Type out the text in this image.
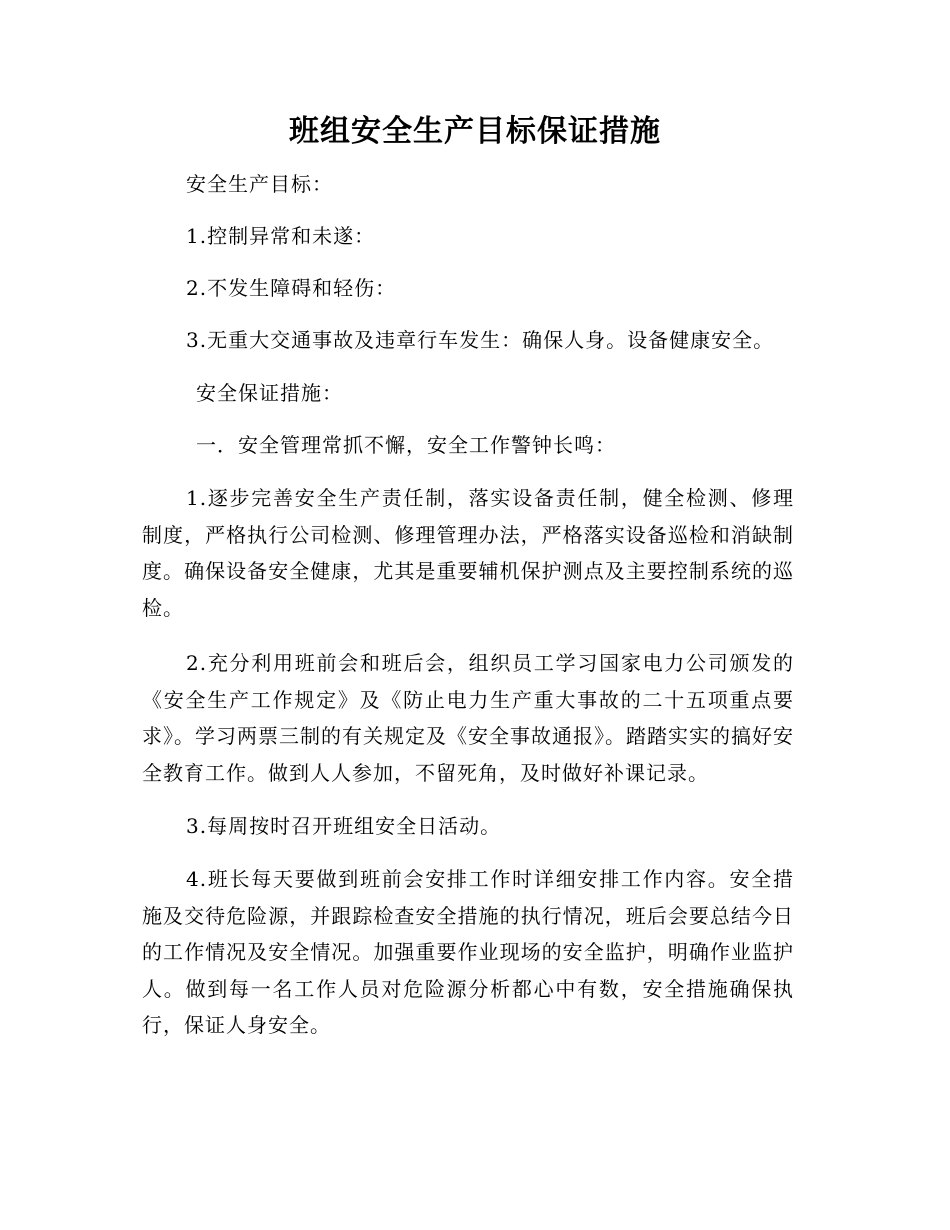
班组安全生产目标保证措施
安全生产目标：
1.控制异常和未遂：
2.不发生障碍和轻伤：
3.无重大交通事故及违章行车发生：确保人身。设备健康安全。
安全保证措施：
一．安全管理常抓不懈，安全工作警钟长鸣：
1.逐步完善安全生产责任制，落实设备责任制，健全检测、修理制度，严格执行公司检测、修理管理办法，严格落实设备巡检和消缺制度。确保设备安全健康，尤其是重要辅机保护测点及主要控制系统的巡检。
2.充分利用班前会和班后会，组织员工学习国家电力公司颁发的《安全生产工作规定》及《防止电力生产重大事故的二十五项重点要求》。学习两票三制的有关规定及《安全事故通报》。踏踏实实的搞好安全教育工作。做到人人参加，不留死角，及时做好补课记录。
3.每周按时召开班组安全日活动。
4.班长每天要做到班前会安排工作时详细安排工作内容。安全措施及交待危险源，并跟踪检查安全措施的执行情况，班后会要总结今日的工作情况及安全情况。加强重要作业现场的安全监护，明确作业监护人。做到每一名工作人员对危险源分析都心中有数，安全措施确保执行，保证人身安全。
